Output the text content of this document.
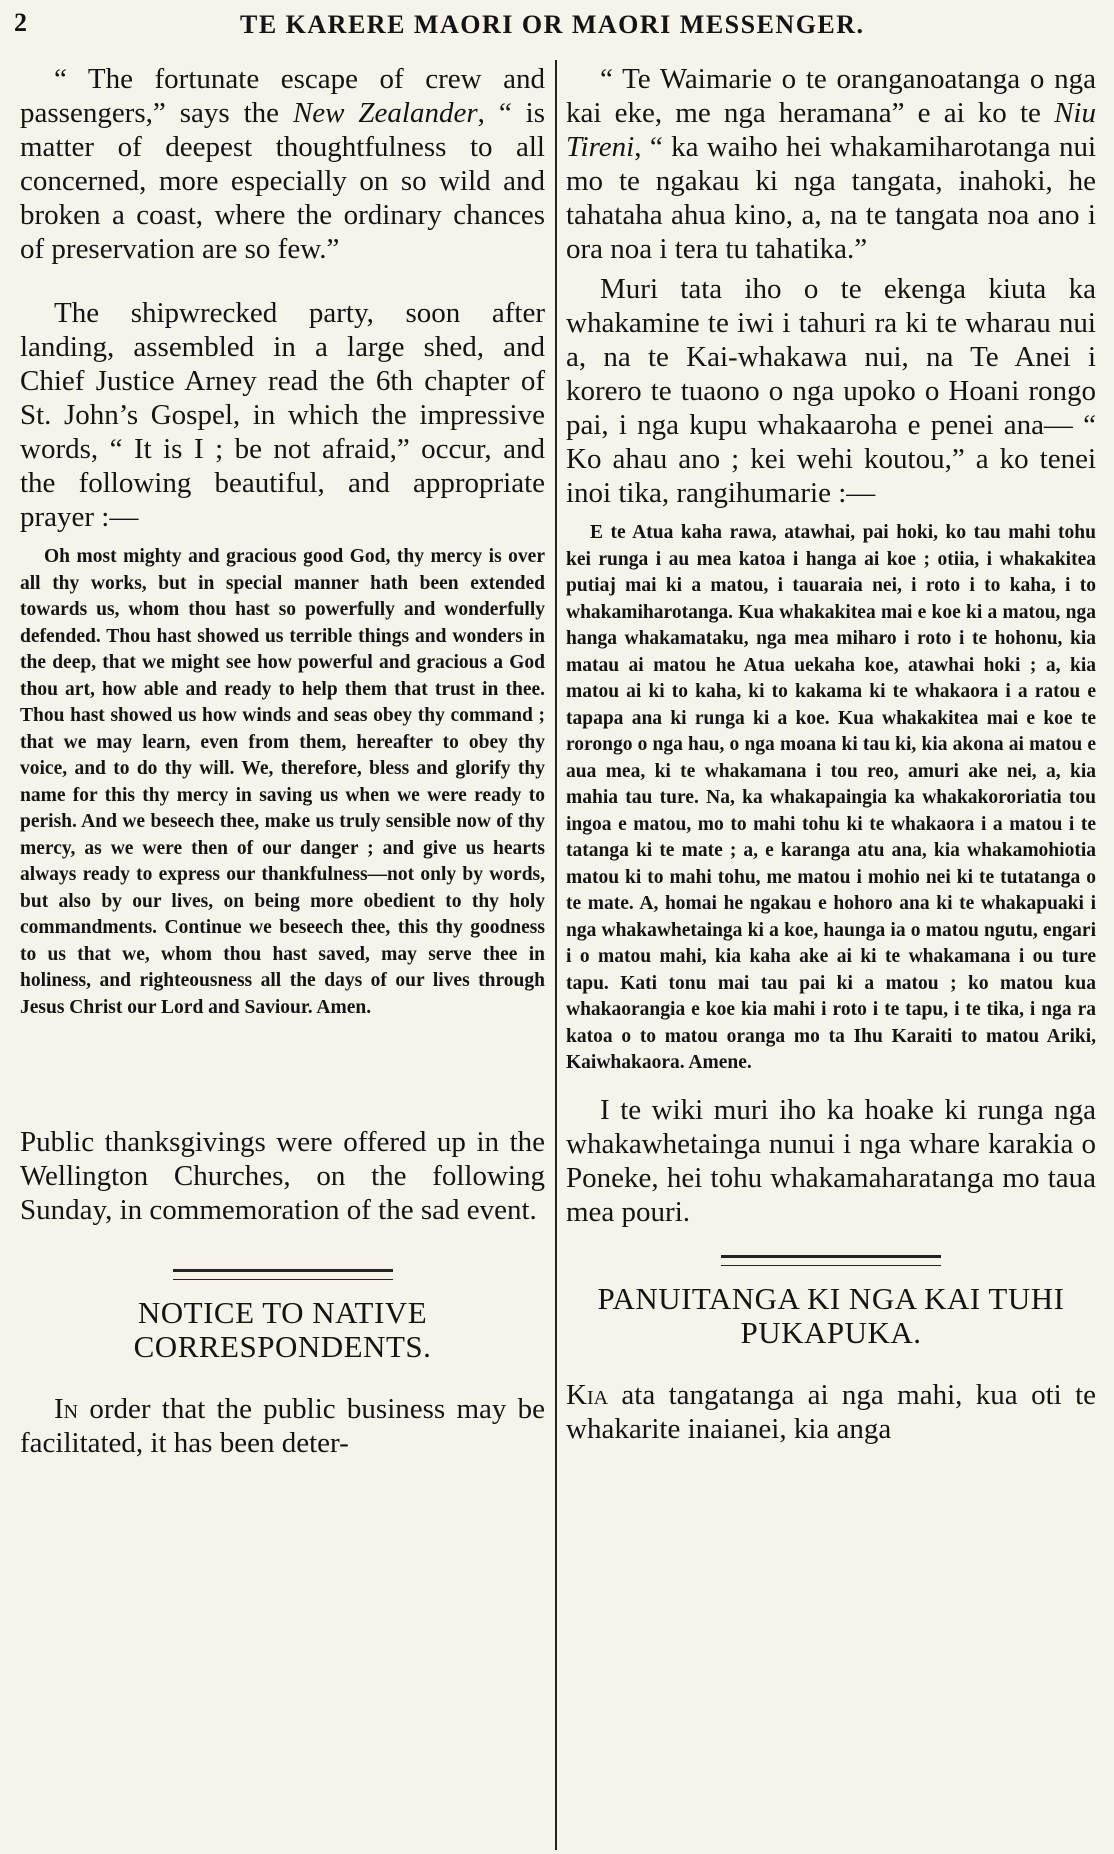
2	TE KARERE MAORI OR MAORI MESSENGER.

“ The fortunate escape of crew and passengers,” says the New Zealander, “ is matter of deepest thoughtfulness to all concerned, more especially on so wild and broken a coast, where the ordinary chances of preservation are so few.”

The shipwrecked party, soon after landing, assembled in a large shed, and Chief Justice Arney read the 6th chapter of St. John’s Gospel, in which the impressive words, “ It is I ; be not afraid,” occur, and the following beautiful, and appropriate prayer :—

Oh most mighty and gracious good God, thy mercy is over all thy works, but in special manner hath been extended towards us, whom thou hast so powerfully and wonderfully defended. Thou hast showed us terrible things and wonders in the deep, that we might see how powerful and gracious a God thou art, how able and ready to help them that trust in thee. Thou hast showed us how winds and seas obey thy command ; that we may learn, even from them, hereafter to obey thy voice, and to do thy will. We, therefore, bless and glorify thy name for this thy mercy in saving us when we were ready to perish. And we beseech thee, make us truly sensible now of thy mercy, as we were then of our danger ; and give us hearts always ready to express our thankfulness—not only by words, but also by our lives, on being more obedient to thy holy commandments. Continue we beseech thee, this thy goodness to us that we, whom thou hast saved, may serve thee in holiness, and righteousness all the days of our lives through Jesus Christ our Lord and Saviour. Amen.

Public thanksgivings were offered up in the Wellington Churches, on the following Sunday, in commemoration of the sad event.

NOTICE TO NATIVE CORRESPONDENTS.

In order that the public business may be facilitated, it has been deter-

“ Te Waimarie o te oranganoatanga o nga kai eke, me nga heramana” e ai ko te Niu Tireni, “ ka waiho hei whakamiharotanga nui mo te ngakau ki nga tangata, inahoki, he tahataha ahua kino, a, na te tangata noa ano i ora noa i tera tu tahatika.”

Muri tata iho o te ekenga kiuta ka whakamine te iwi i tahuri ra ki te wharau nui a, na te Kai-whakawa nui, na Te Anei i korero te tuaono o nga upoko o Hoani rongo pai, i nga kupu whakaaroha e penei ana— “ Ko ahau ano ; kei wehi koutou,” a ko tenei inoi tika, rangihumarie :—

E te Atua kaha rawa, atawhai, pai hoki, ko tau mahi tohu kei runga i au mea katoa i hanga ai koe ; otiia, i whakakitea putiaj mai ki a matou, i tauaraia nei, i roto i to kaha, i to whakamiharotanga. Kua whakakitea mai e koe ki a matou, nga hanga whakamataku, nga mea miharo i roto i te hohonu, kia matau ai matou he Atua uekaha koe, atawhai hoki ; a, kia matou ai ki to kaha, ki to kakama ki te whakaora i a ratou e tapapa ana ki runga ki a koe. Kua whakakitea mai e koe te rorongo o nga hau, o nga moana ki tau ki, kia akona ai matou e aua mea, ki te whakamana i tou reo, amuri ake nei, a, kia mahia tau ture. Na, ka whakapaingia ka whakakororiatia tou ingoa e matou, mo to mahi tohu ki te whakaora i a matou i te tatanga ki te mate ; a, e karanga atu ana, kia whakamohiotia matou ki to mahi tohu, me matou i mohio nei ki te tutatanga o te mate. A, homai he ngakau e hohoro ana ki te whakapuaki i nga whakawhetainga ki a koe, haunga ia o matou ngutu, engari i o matou mahi, kia kaha ake ai ki te whakamana i ou ture tapu. Kati tonu mai tau pai ki a matou ; ko matou kua whakaorangia e koe kia mahi i roto i te tapu, i te tika, i nga ra katoa o to matou oranga mo ta Ihu Karaiti to matou Ariki, Kaiwhakaora. Amene.

I te wiki muri iho ka hoake ki runga nga whakawhetainga nunui i nga whare karakia o Poneke, hei tohu whakamaharatanga mo taua mea pouri.

PANUITANGA KI NGA KAI TUHI PUKAPUKA.

Kia ata tangatanga ai nga mahi, kua oti te whakarite inaianei, kia anga
